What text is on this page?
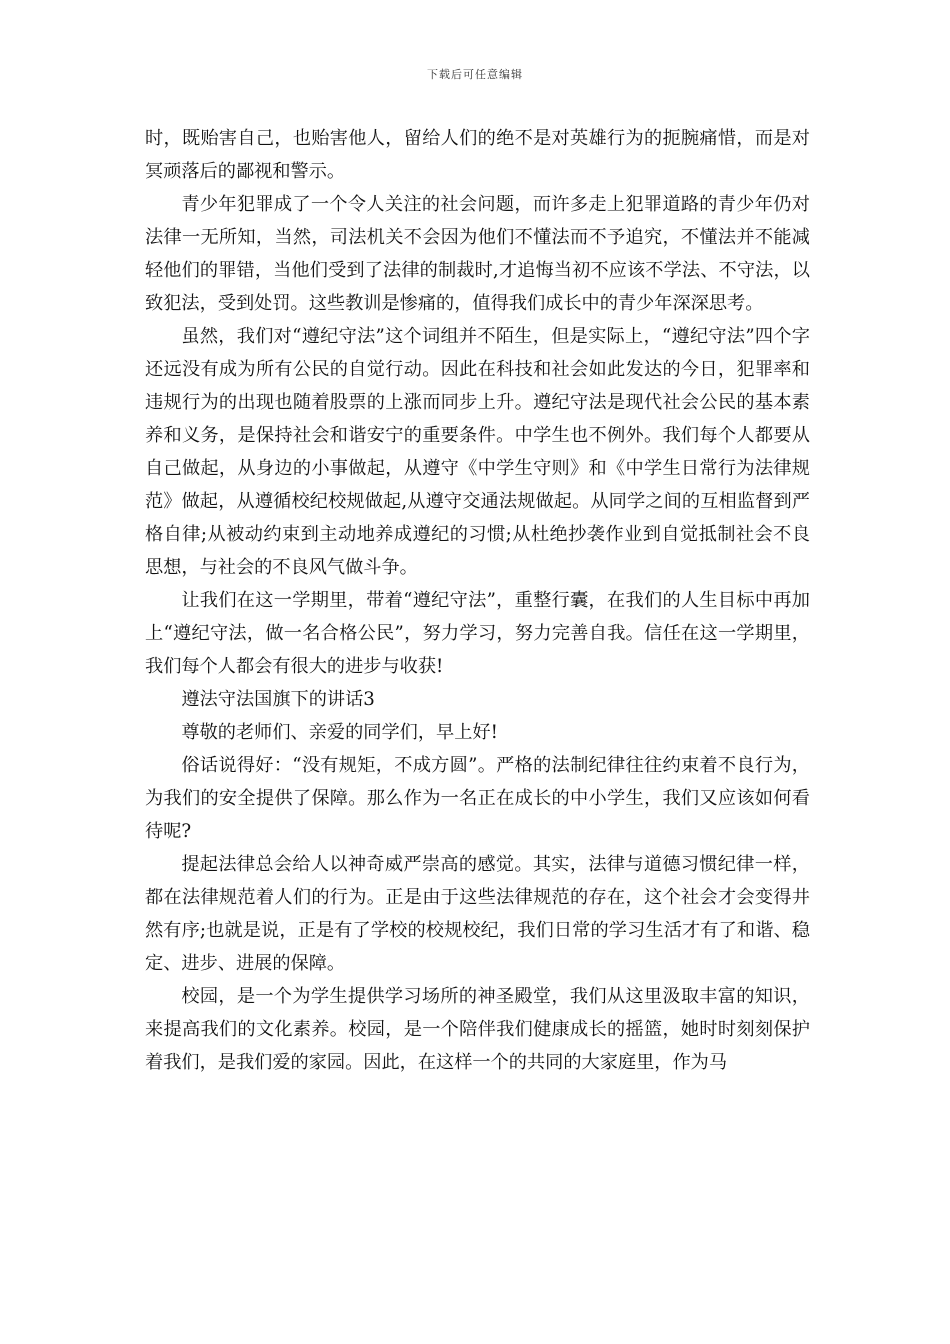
下载后可任意编辑

时，既贻害自己，也贻害他人，留给人们的绝不是对英雄行为的扼腕痛惜，而是对冥顽落后的鄙视和警示。

青少年犯罪成了一个令人关注的社会问题，而许多走上犯罪道路的青少年仍对法律一无所知，当然，司法机关不会因为他们不懂法而不予追究，不懂法并不能减轻他们的罪错，当他们受到了法律的制裁时,才追悔当初不应该不学法、不守法，以致犯法，受到处罚。这些教训是惨痛的，值得我们成长中的青少年深深思考。

虽然，我们对“遵纪守法”这个词组并不陌生，但是实际上，“遵纪守法”四个字还远没有成为所有公民的自觉行动。因此在科技和社会如此发达的今日，犯罪率和违规行为的出现也随着股票的上涨而同步上升。遵纪守法是现代社会公民的基本素养和义务，是保持社会和谐安宁的重要条件。中学生也不例外。我们每个人都要从自己做起，从身边的小事做起，从遵守《中学生守则》和《中学生日常行为法律规范》做起，从遵循校纪校规做起,从遵守交通法规做起。从同学之间的互相监督到严格自律;从被动约束到主动地养成遵纪的习惯;从杜绝抄袭作业到自觉抵制社会不良思想，与社会的不良风气做斗争。

让我们在这一学期里，带着“遵纪守法”，重整行囊，在我们的人生目标中再加上“遵纪守法，做一名合格公民”，努力学习，努力完善自我。信任在这一学期里，我们每个人都会有很大的进步与收获!

遵法守法国旗下的讲话3

尊敬的老师们、亲爱的同学们，早上好!

俗话说得好：“没有规矩，不成方圆”。严格的法制纪律往往约束着不良行为，为我们的安全提供了保障。那么作为一名正在成长的中小学生，我们又应该如何看待呢?

提起法律总会给人以神奇威严崇高的感觉。其实，法律与道德习惯纪律一样，都在法律规范着人们的行为。正是由于这些法律规范的存在，这个社会才会变得井然有序;也就是说，正是有了学校的校规校纪，我们日常的学习生活才有了和谐、稳定、进步、进展的保障。

校园，是一个为学生提供学习场所的神圣殿堂，我们从这里汲取丰富的知识，来提高我们的文化素养。校园，是一个陪伴我们健康成长的摇篮，她时时刻刻保护着我们，是我们爱的家园。因此，在这样一个的共同的大家庭里，作为马
